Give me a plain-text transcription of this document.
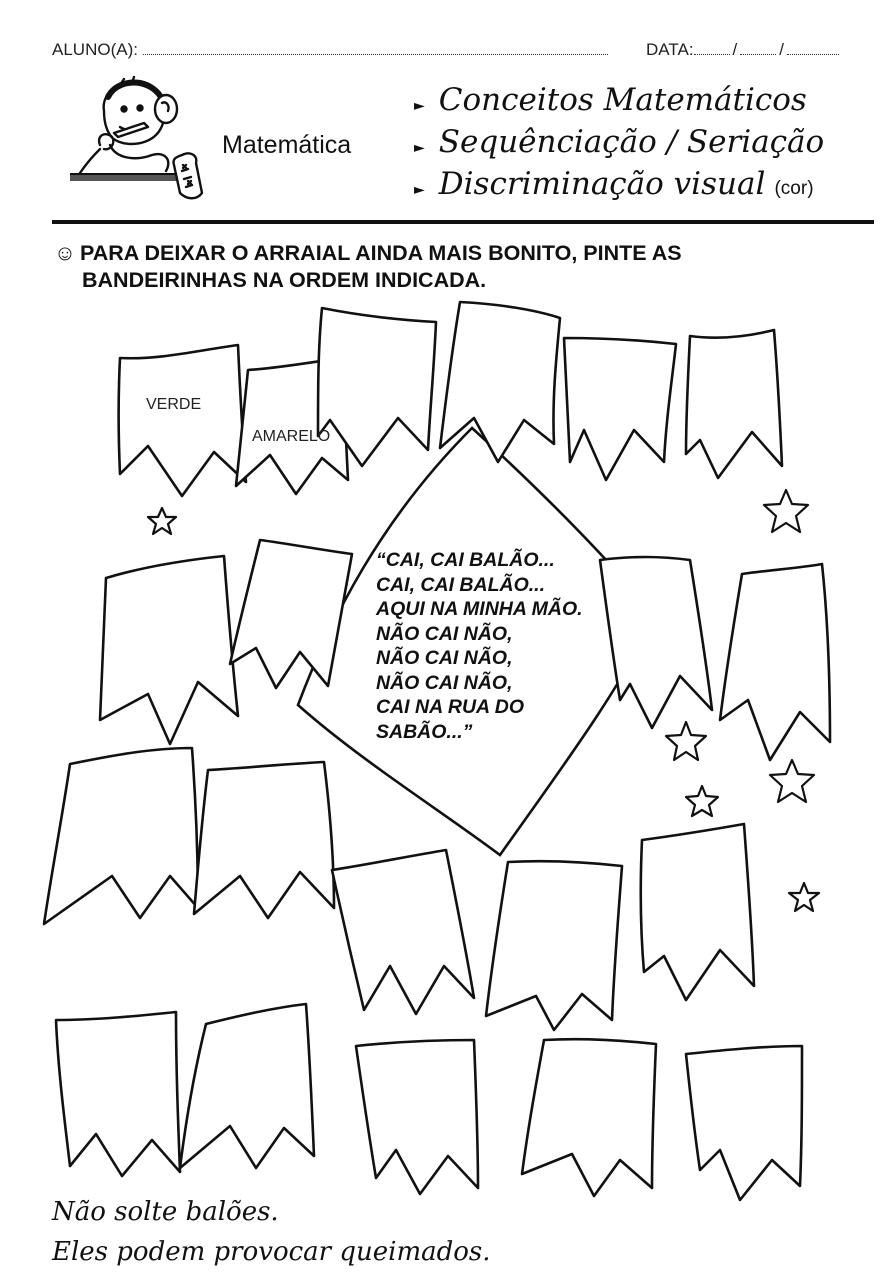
ALUNO(A):	DATA: / /
Matemática
► Conceitos Matemáticos
► Sequênciação / Seriação
► Discriminação visual (cor)
☺ PARA DEIXAR O ARRAIAL AINDA MAIS BONITO, PINTE AS
BANDEIRINHAS NA ORDEM INDICADA.
VERDE
AMARELO
“CAI, CAI BALÃO...
CAI, CAI BALÃO...
AQUI NA MINHA MÃO.
NÃO CAI NÃO,
NÃO CAI NÃO,
NÃO CAI NÃO,
CAI NA RUA DO
SABÃO...”
Não solte balões.
Eles podem provocar queimados.
